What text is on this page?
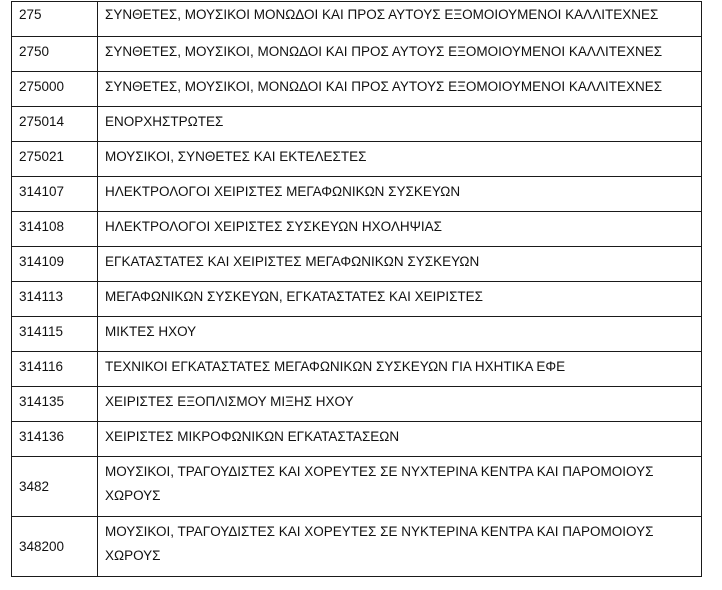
275	ΣΥΝΘΕΤΕΣ, ΜΟΥΣΙΚΟΙ ΜΟΝΩΔΟΙ ΚΑΙ ΠΡΟΣ ΑΥΤΟΥΣ ΕΞΟΜΟΙΟΥΜΕΝΟΙ ΚΑΛΛΙΤΕΧΝΕΣ
2750	ΣΥΝΘΕΤΕΣ, ΜΟΥΣΙΚΟΙ, ΜΟΝΩΔΟΙ ΚΑΙ ΠΡΟΣ ΑΥΤΟΥΣ ΕΞΟΜΟΙΟΥΜΕΝΟΙ ΚΑΛΛΙΤΕΧΝΕΣ
275000	ΣΥΝΘΕΤΕΣ, ΜΟΥΣΙΚΟΙ, ΜΟΝΩΔΟΙ ΚΑΙ ΠΡΟΣ ΑΥΤΟΥΣ ΕΞΟΜΟΙΟΥΜΕΝΟΙ ΚΑΛΛΙΤΕΧΝΕΣ
275014	ΕΝΟΡΧΗΣΤΡΩΤΕΣ
275021	ΜΟΥΣΙΚΟΙ, ΣΥΝΘΕΤΕΣ ΚΑΙ ΕΚΤΕΛΕΣΤΕΣ
314107	ΗΛΕΚΤΡΟΛΟΓΟΙ ΧΕΙΡΙΣΤΕΣ ΜΕΓΑΦΩΝΙΚΩΝ ΣΥΣΚΕΥΩΝ
314108	ΗΛΕΚΤΡΟΛΟΓΟΙ ΧΕΙΡΙΣΤΕΣ ΣΥΣΚΕΥΩΝ ΗΧΟΛΗΨΙΑΣ
314109	ΕΓΚΑΤΑΣΤΑΤΕΣ ΚΑΙ ΧΕΙΡΙΣΤΕΣ ΜΕΓΑΦΩΝΙΚΩΝ ΣΥΣΚΕΥΩΝ
314113	ΜΕΓΑΦΩΝΙΚΩΝ ΣΥΣΚΕΥΩΝ, ΕΓΚΑΤΑΣΤΑΤΕΣ ΚΑΙ ΧΕΙΡΙΣΤΕΣ
314115	ΜΙΚΤΕΣ ΗΧΟΥ
314116	ΤΕΧΝΙΚΟΙ ΕΓΚΑΤΑΣΤΑΤΕΣ ΜΕΓΑΦΩΝΙΚΩΝ ΣΥΣΚΕΥΩΝ ΓΙΑ ΗΧΗΤΙΚΑ ΕΦΕ
314135	ΧΕΙΡΙΣΤΕΣ ΕΞΟΠΛΙΣΜΟΥ ΜΙΞΗΣ ΗΧΟΥ
314136	ΧΕΙΡΙΣΤΕΣ ΜΙΚΡΟΦΩΝΙΚΩΝ ΕΓΚΑΤΑΣΤΑΣΕΩΝ
3482	ΜΟΥΣΙΚΟΙ, ΤΡΑΓΟΥΔΙΣΤΕΣ ΚΑΙ ΧΟΡΕΥΤΕΣ ΣΕ ΝΥΧΤΕΡΙΝΑ ΚΕΝΤΡΑ ΚΑΙ ΠΑΡΟΜΟΙΟΥΣ ΧΩΡΟΥΣ
348200	ΜΟΥΣΙΚΟΙ, ΤΡΑΓΟΥΔΙΣΤΕΣ ΚΑΙ ΧΟΡΕΥΤΕΣ ΣΕ ΝΥΚΤΕΡΙΝΑ ΚΕΝΤΡΑ ΚΑΙ ΠΑΡΟΜΟΙΟΥΣ ΧΩΡΟΥΣ
